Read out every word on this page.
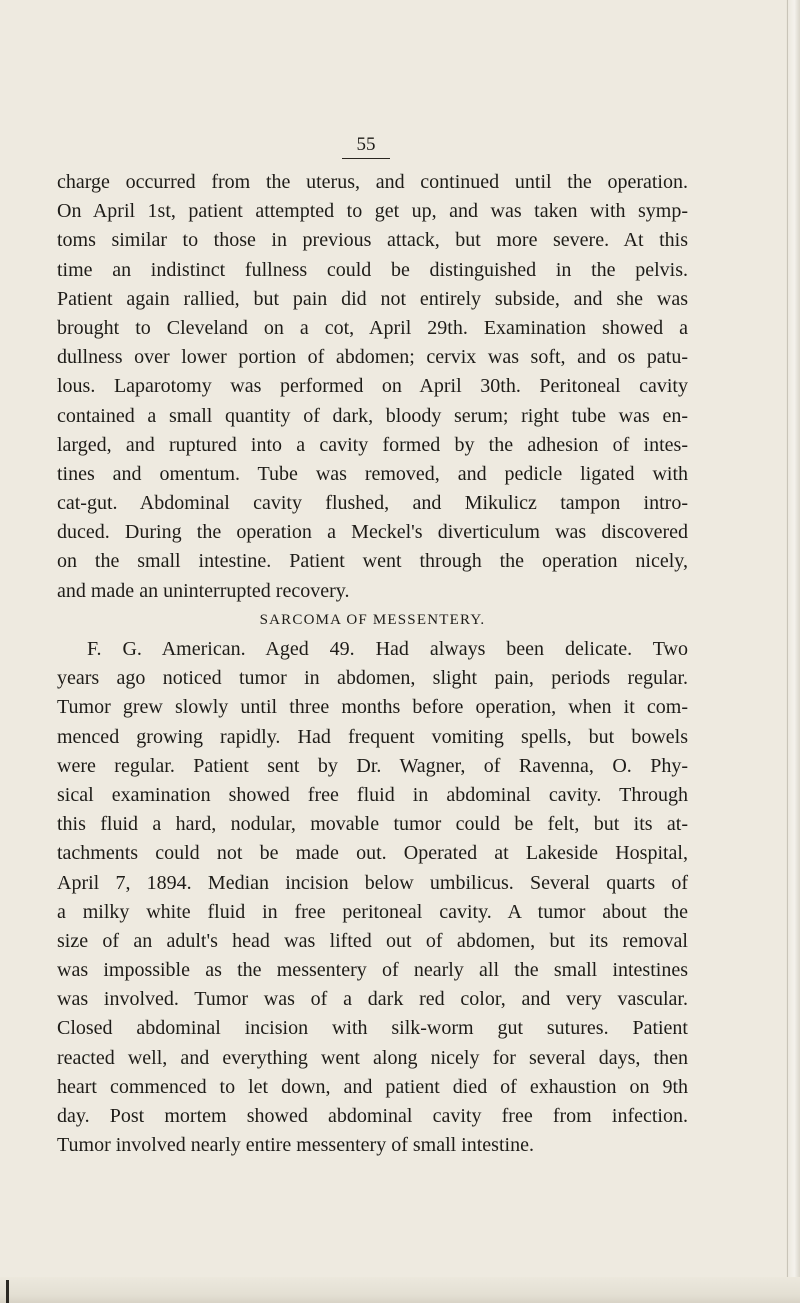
55
charge occurred from the uterus, and continued until the operation.
On April 1st, patient attempted to get up, and was taken with symp-
toms similar to those in previous attack, but more severe. At this
time an indistinct fullness could be distinguished in the pelvis.
Patient again rallied, but pain did not entirely subside, and she was
brought to Cleveland on a cot, April 29th. Examination showed a
dullness over lower portion of abdomen; cervix was soft, and os patu-
lous. Laparotomy was performed on April 30th. Peritoneal cavity
contained a small quantity of dark, bloody serum; right tube was en-
larged, and ruptured into a cavity formed by the adhesion of intes-
tines and omentum. Tube was removed, and pedicle ligated with
cat-gut. Abdominal cavity flushed, and Mikulicz tampon intro-
duced. During the operation a Meckel's diverticulum was discovered
on the small intestine. Patient went through the operation nicely,
and made an uninterrupted recovery.
SARCOMA OF MESSENTERY.
F. G. American. Aged 49. Had always been delicate. Two
years ago noticed tumor in abdomen, slight pain, periods regular.
Tumor grew slowly until three months before operation, when it com-
menced growing rapidly. Had frequent vomiting spells, but bowels
were regular. Patient sent by Dr. Wagner, of Ravenna, O. Phy-
sical examination showed free fluid in abdominal cavity. Through
this fluid a hard, nodular, movable tumor could be felt, but its at-
tachments could not be made out. Operated at Lakeside Hospital,
April 7, 1894. Median incision below umbilicus. Several quarts of
a milky white fluid in free peritoneal cavity. A tumor about the
size of an adult's head was lifted out of abdomen, but its removal
was impossible as the messentery of nearly all the small intestines
was involved. Tumor was of a dark red color, and very vascular.
Closed abdominal incision with silk-worm gut sutures. Patient
reacted well, and everything went along nicely for several days, then
heart commenced to let down, and patient died of exhaustion on 9th
day. Post mortem showed abdominal cavity free from infection.
Tumor involved nearly entire messentery of small intestine.
